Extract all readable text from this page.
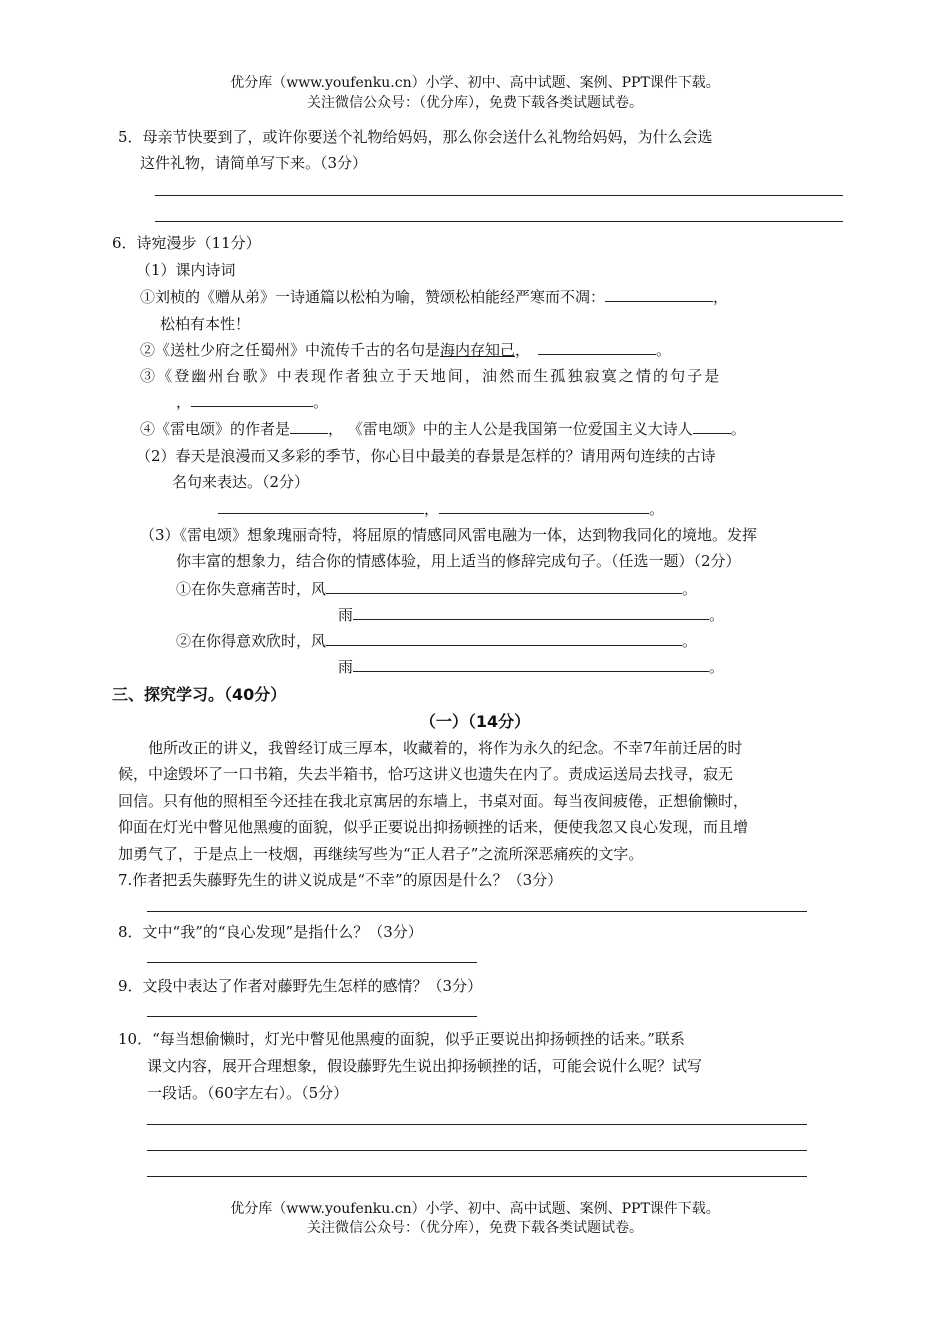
优分库（www.youfenku.cn）小学、初中、高中试题、案例、PPT课件下载。
关注微信公众号：（优分库），免费下载各类试题试卷。
5．母亲节快要到了，或许你要送个礼物给妈妈，那么你会送什么礼物给妈妈，为什么会选
这件礼物，请简单写下来。（3分）
6．诗宛漫步（11分）
（1）课内诗词
①刘桢的《赠从弟》一诗通篇以松柏为喻，赞颂松柏能经严寒而不凋：	，
松柏有本性！
②《送杜少府之任蜀州》中流传千古的名句是海内存知己，	。
③《登幽州台歌》中表现作者独立于天地间，油然而生孤独寂寞之情的句子是
，	。
④《雷电颂》的作者是	， 《雷电颂》中的主人公是我国第一位爱国主义大诗人	。
（2）春天是浪漫而又多彩的季节，你心目中最美的春景是怎样的？请用两句连续的古诗
名句来表达。（2分）
，	。
（3）《雷电颂》想象瑰丽奇特，将屈原的情感同风雷电融为一体，达到物我同化的境地。发挥
你丰富的想象力，结合你的情感体验，用上适当的修辞完成句子。（任选一题）（2分）
①在你失意痛苦时，风	。
雨	。
②在你得意欢欣时，风	。
雨	。
三、探究学习。（40分）
（一）（14分）
他所改正的讲义，我曾经订成三厚本，收藏着的，将作为永久的纪念。不幸7年前迁居的时
候，中途毁坏了一口书箱，失去半箱书，恰巧这讲义也遗失在内了。责成运送局去找寻，寂无
回信。只有他的照相至今还挂在我北京寓居的东墙上，书桌对面。每当夜间疲倦，正想偷懒时，
仰面在灯光中瞥见他黑瘦的面貌，似乎正要说出抑扬顿挫的话来，便使我忽又良心发现，而且增
加勇气了，于是点上一枝烟，再继续写些为“正人君子”之流所深恶痛疾的文字。
7.作者把丢失藤野先生的讲义说成是“不幸”的原因是什么？（3分）
8．文中“我”的“良心发现”是指什么？（3分）
9．文段中表达了作者对藤野先生怎样的感情？（3分）
10．“每当想偷懒时，灯光中瞥见他黑瘦的面貌，似乎正要说出抑扬顿挫的话来。”联系
课文内容，展开合理想象，假设藤野先生说出抑扬顿挫的话，可能会说什么呢？试写
一段话。（60字左右）。（5分）
优分库（www.youfenku.cn）小学、初中、高中试题、案例、PPT课件下载。
关注微信公众号：（优分库），免费下载各类试题试卷。
